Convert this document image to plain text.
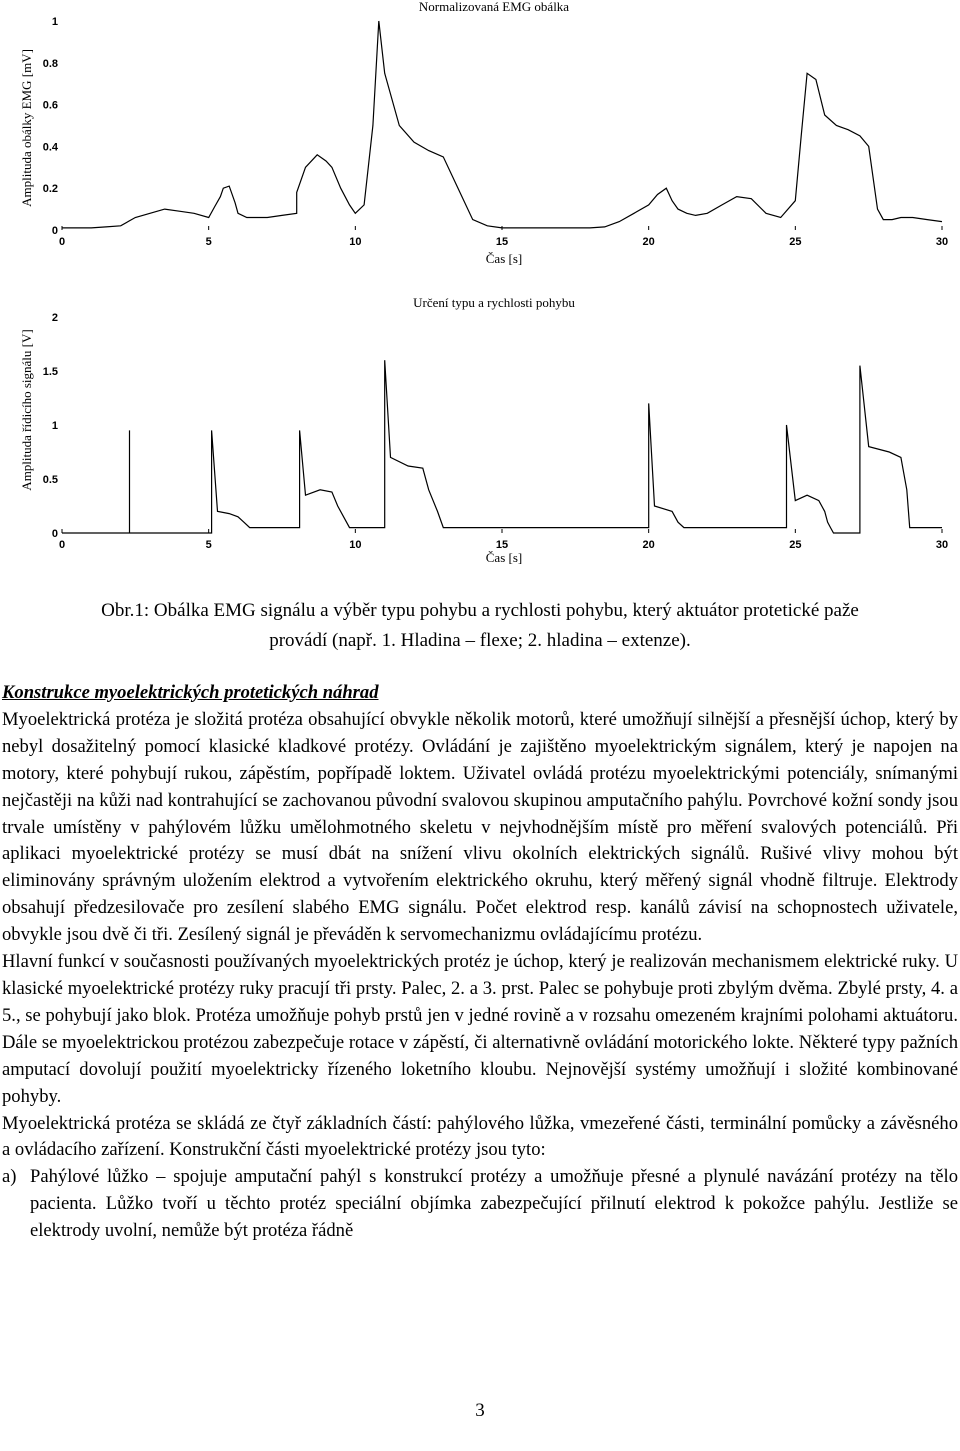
Normalizovaná EMG obálka
Amplituda obálky EMG [mV]
Čas [s]
0	5	10	15	20	25	30
0
0.2
0.4
0.6
0.8
1
Určení typu a rychlosti pohybu
Amplituda řídicího signálu [V]
Čas [s]
0	5	10	15	20	25	30
0
0.5
1
1.5
2

Obr.1: Obálka EMG signálu a výběr typu pohybu a rychlosti pohybu, který aktuátor protetické paže

provádí (např. 1. Hladina – flexe; 2. hladina – extenze).

Konstrukce myoelektrických protetických náhrad

Myoelektrická protéza je složitá protéza obsahující obvykle několik motorů, které umožňují silnější a přesnější úchop, který by nebyl dosažitelný pomocí klasické kladkové protézy. Ovládání je zajištěno myoelektrickým signálem, který je napojen na motory, které pohybují rukou, zápěstím, popřípadě loktem. Uživatel ovládá protézu myoelektrickými potenciály, snímanými nejčastěji na kůži nad kontrahující se zachovanou původní svalovou skupinou amputačního pahýlu. Povrchové kožní sondy jsou trvale umístěny v pahýlovém lůžku umělohmotného skeletu v nejvhodnějším místě pro měření svalových potenciálů. Při aplikaci myoelektrické protézy se musí dbát na snížení vlivu okolních elektrických signálů. Rušivé vlivy mohou být eliminovány správným uložením elektrod a vytvořením elektrického okruhu, který měřený signál vhodně filtruje. Elektrody obsahují předzesilovače pro zesílení slabého EMG signálu. Počet elektrod resp. kanálů závisí na schopnostech uživatele, obvykle jsou dvě či tři. Zesílený signál je převáděn k servomechanizmu ovládajícímu protézu.

Hlavní funkcí v současnosti používaných myoelektrických protéz je úchop, který je realizován mechanismem elektrické ruky. U klasické myoelektrické protézy ruky pracují tři prsty. Palec, 2. a 3. prst. Palec se pohybuje proti zbylým dvěma. Zbylé prsty, 4. a 5., se pohybují jako blok. Protéza umožňuje pohyb prstů jen v jedné rovině a v rozsahu omezeném krajními polohami aktuátoru. Dále se myoelektrickou protézou zabezpečuje rotace v zápěstí, či alternativně ovládání motorického lokte. Některé typy pažních amputací dovolují použití myoelektricky řízeného loketního kloubu. Nejnovější systémy umožňují i složité kombinované pohyby.

Myoelektrická protéza se skládá ze čtyř základních částí: pahýlového lůžka, vmezeřené části, terminální pomůcky a závěsného a ovládacího zařízení. Konstrukční části myoelektrické protézy jsou tyto:

a) Pahýlové lůžko – spojuje amputační pahýl s konstrukcí protézy a umožňuje přesné a plynulé navázání protézy na tělo pacienta. Lůžko tvoří u těchto protéz speciální objímka zabezpečující přilnutí elektrod k pokožce pahýlu. Jestliže se elektrody uvolní, nemůže být protéza řádně
3
